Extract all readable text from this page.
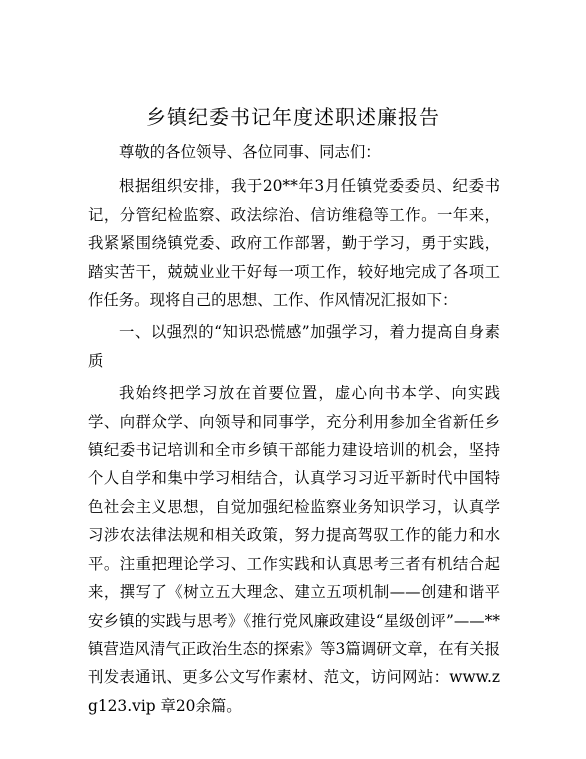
乡镇纪委书记年度述职述廉报告

尊敬的各位领导、各位同事、同志们：

根据组织安排，我于20**年3月任镇党委委员、纪委书记，分管纪检监察、政法综治、信访维稳等工作。一年来，我紧紧围绕镇党委、政府工作部署，勤于学习，勇于实践，踏实苦干，兢兢业业干好每一项工作，较好地完成了各项工作任务。现将自己的思想、工作、作风情况汇报如下：

一、以强烈的“知识恐慌感”加强学习，着力提高自身素质

我始终把学习放在首要位置，虚心向书本学、向实践学、向群众学、向领导和同事学，充分利用参加全省新任乡镇纪委书记培训和全市乡镇干部能力建设培训的机会，坚持个人自学和集中学习相结合，认真学习习近平新时代中国特色社会主义思想，自觉加强纪检监察业务知识学习，认真学习涉农法律法规和相关政策，努力提高驾驭工作的能力和水平。注重把理论学习、工作实践和认真思考三者有机结合起来，撰写了《树立五大理念、建立五项机制——创建和谐平安乡镇的实践与思考》《推行党风廉政建设“星级创评”——**镇营造风清气正政治生态的探索》等3篇调研文章，在有关报刊发表通讯、更多公文写作素材、范文，访问网站：www.zg123.vip 章20余篇。
